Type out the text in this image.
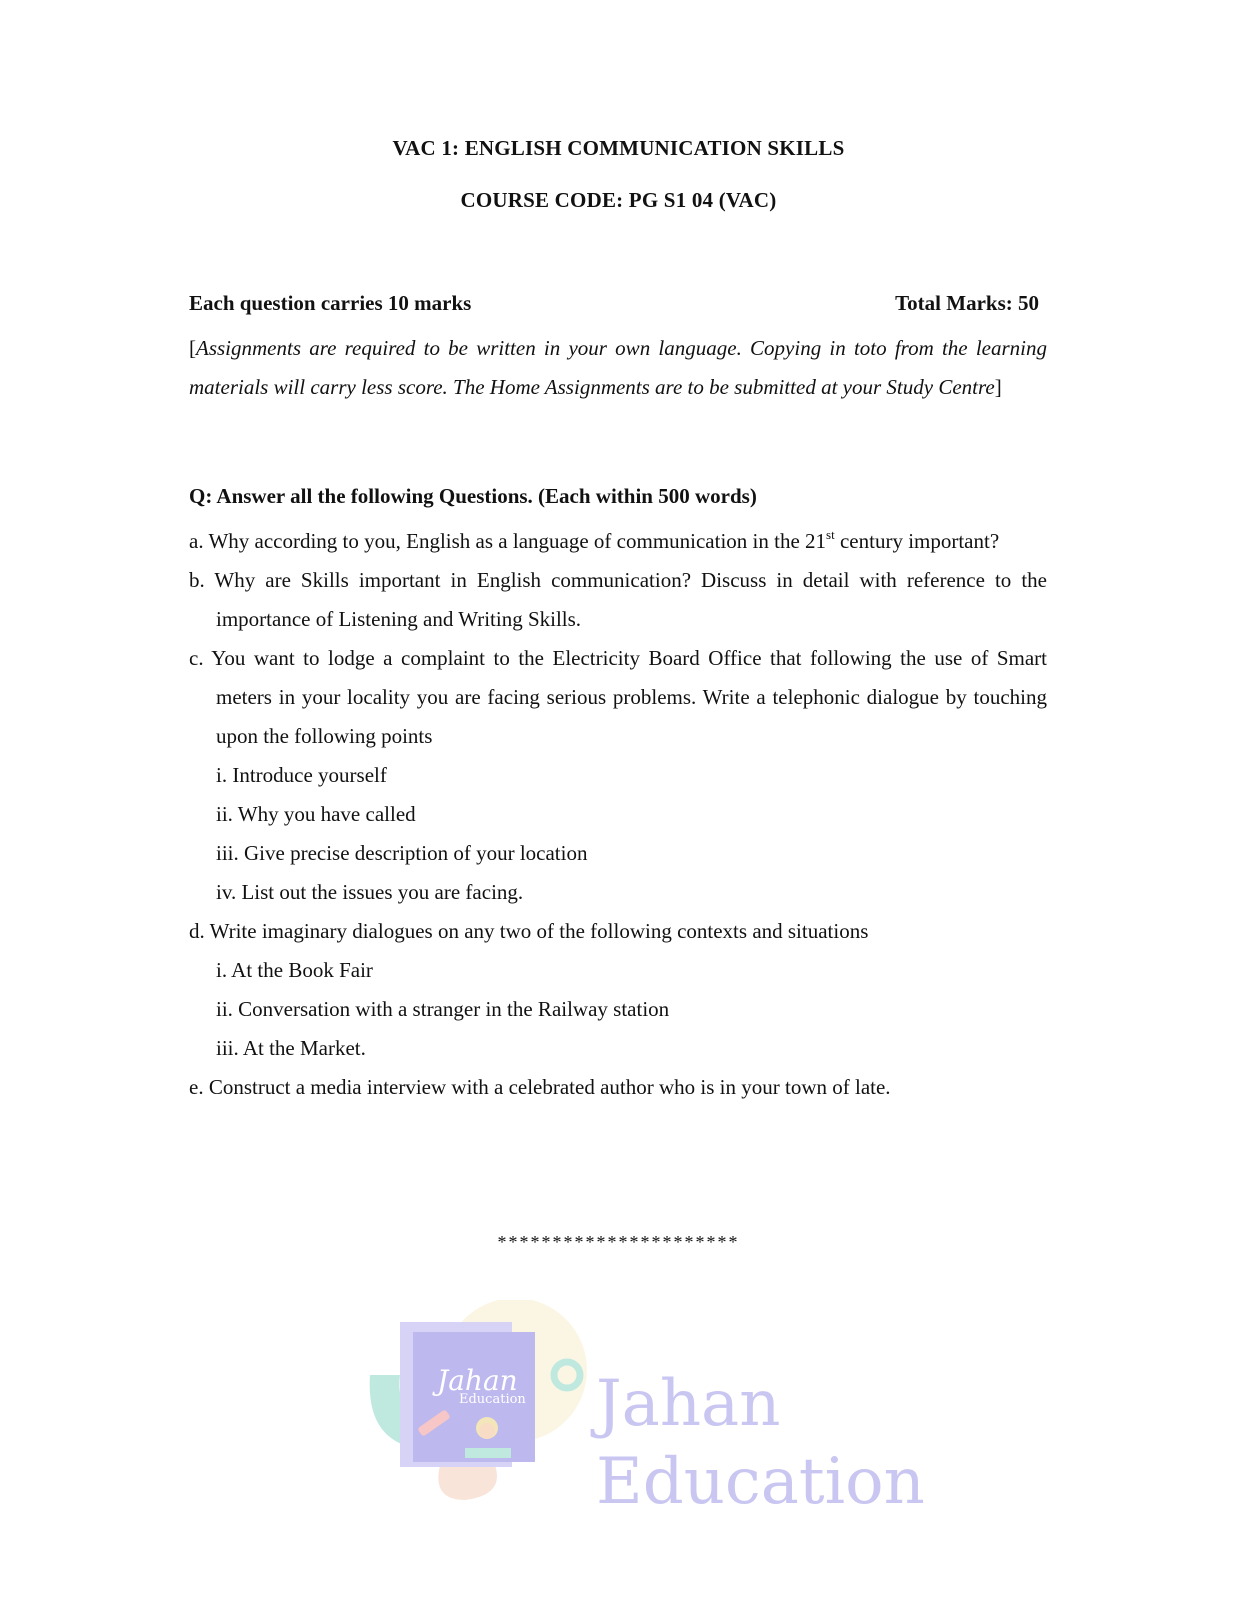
VAC 1: ENGLISH COMMUNICATION SKILLS
COURSE CODE: PG S1 04 (VAC)
Each question carries 10 marks	Total Marks: 50
[Assignments are required to be written in your own language. Copying in toto from the learning materials will carry less score. The Home Assignments are to be submitted at your Study Centre]
Q: Answer all the following Questions. (Each within 500 words)
a. Why according to you, English as a language of communication in the 21st century important?
b. Why are Skills important in English communication? Discuss in detail with reference to the importance of Listening and Writing Skills.
c. You want to lodge a complaint to the Electricity Board Office that following the use of Smart meters in your locality you are facing serious problems. Write a telephonic dialogue by touching upon the following points
i. Introduce yourself
ii. Why you have called
iii. Give precise description of your location
iv. List out the issues you are facing.
d. Write imaginary dialogues on any two of the following contexts and situations
i. At the Book Fair
ii. Conversation with a stranger in the Railway station
iii. At the Market.
e. Construct a media interview with a celebrated author who is in your town of late.
**********************
Jahan
Education Jahan
Education
